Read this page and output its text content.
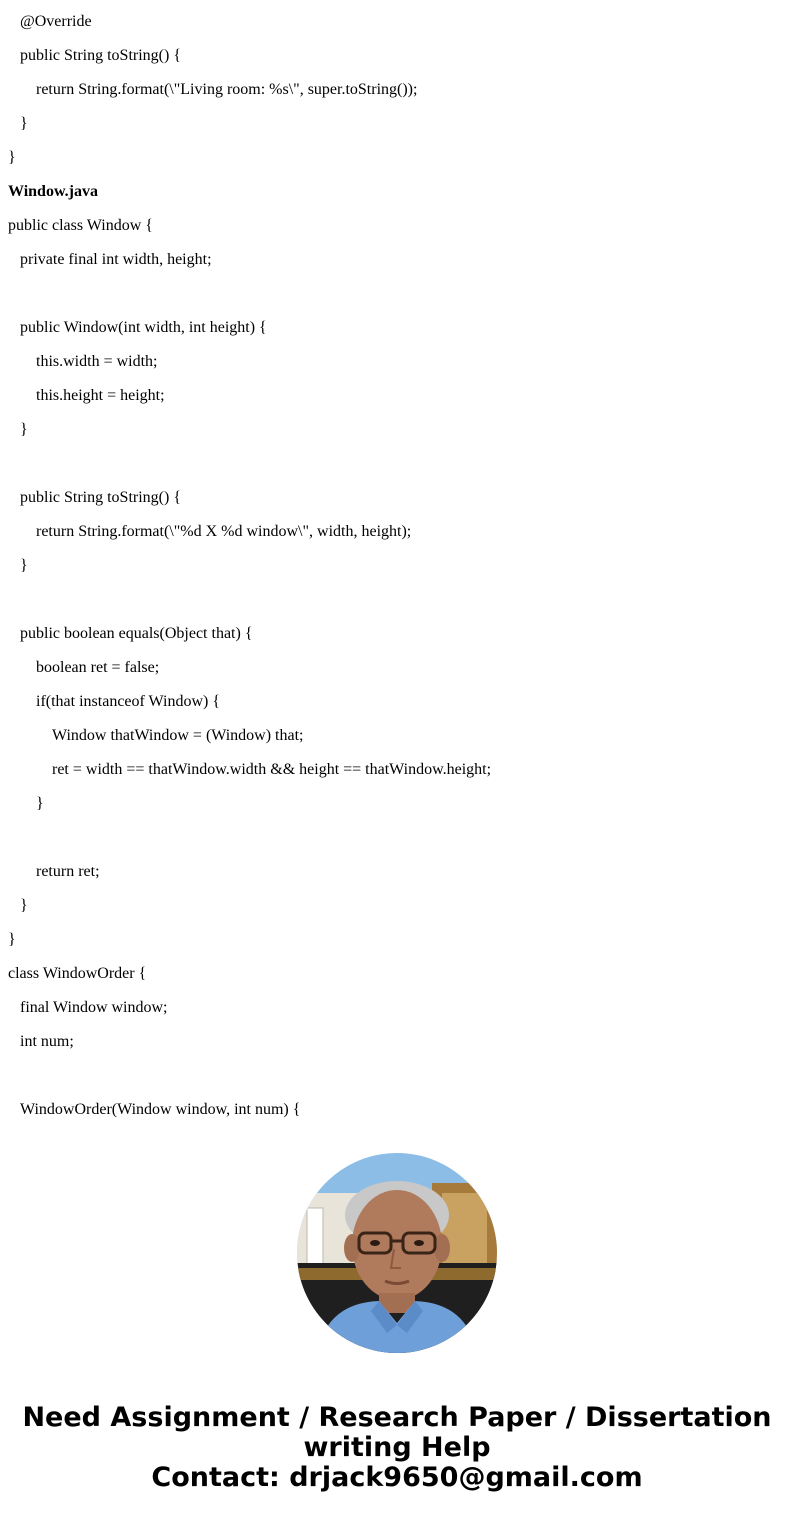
@Override
public String toString() {
return String.format(\"Living room: %s\", super.toString());
}
}
Window.java
public class Window {
private final int width, height;
public Window(int width, int height) {
this.width = width;
this.height = height;
}
public String toString() {
return String.format(\"%d X %d window\", width, height);
}
public boolean equals(Object that) {
boolean ret = false;
if(that instanceof Window) {
Window thatWindow = (Window) that;
ret = width == thatWindow.width && height == thatWindow.height;
}
return ret;
}
}
class WindowOrder {
final Window window;
int num;
WindowOrder(Window window, int num) {
Need Assignment / Research Paper / Dissertation
writing Help
Contact: drjack9650@gmail.com
